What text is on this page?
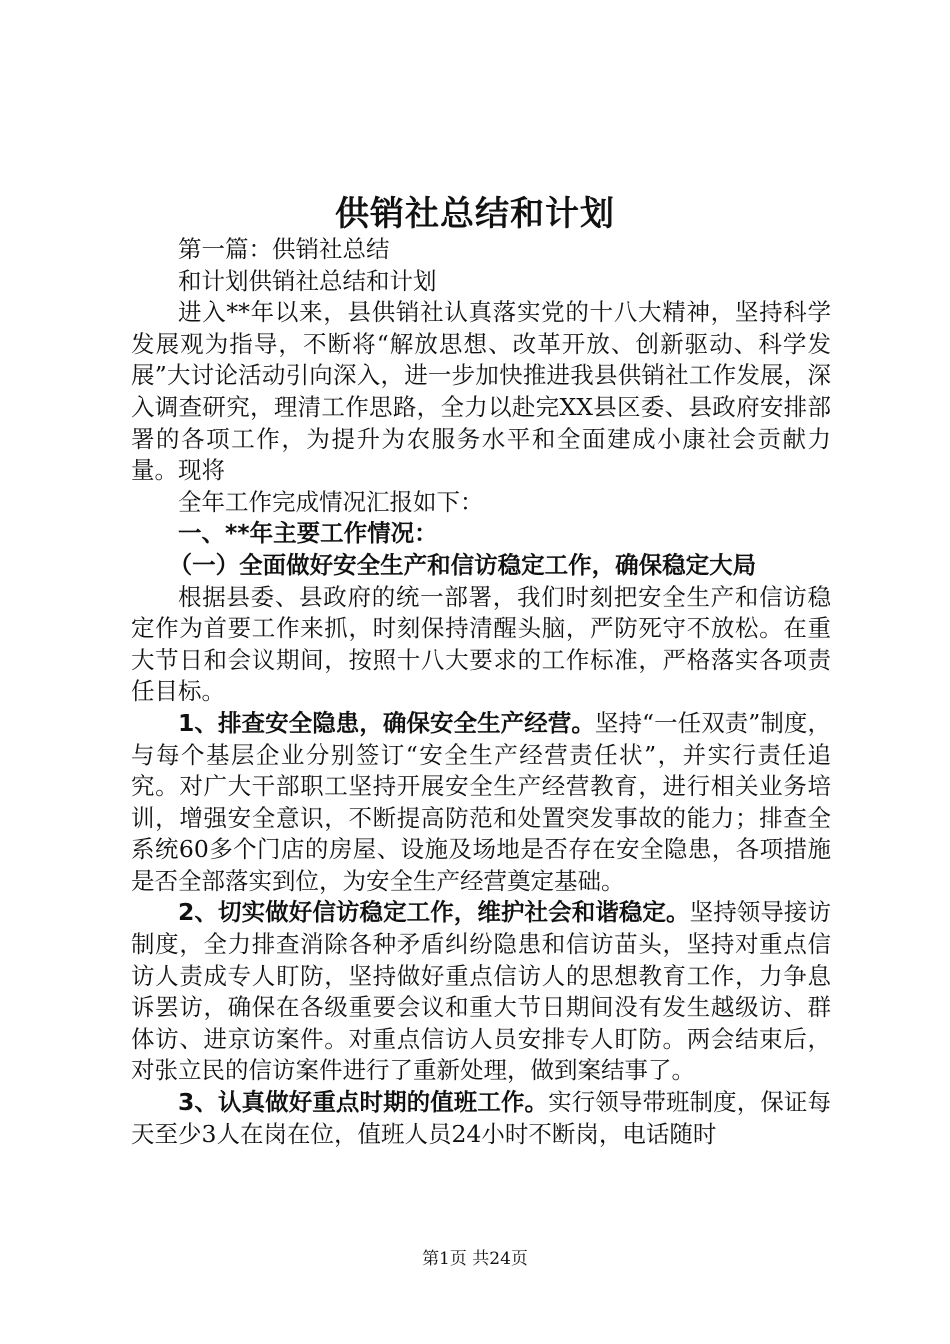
供销社总结和计划

第一篇：供销社总结

和计划供销社总结和计划

进入**年以来，县供销社认真落实党的十八大精神，坚持科学发展观为指导，不断将“解放思想、改革开放、创新驱动、科学发展”大讨论活动引向深入，进一步加快推进我县供销社工作发展，深入调查研究，理清工作思路，全力以赴完XX县区委、县政府安排部署的各项工作，为提升为农服务水平和全面建成小康社会贡献力量。现将

全年工作完成情况汇报如下：

一、**年主要工作情况：

（一）全面做好安全生产和信访稳定工作，确保稳定大局

根据县委、县政府的统一部署，我们时刻把安全生产和信访稳定作为首要工作来抓，时刻保持清醒头脑，严防死守不放松。在重大节日和会议期间，按照十八大要求的工作标准，严格落实各项责任目标。

1、排查安全隐患，确保安全生产经营。坚持“一任双责”制度，与每个基层企业分别签订“安全生产经营责任状”，并实行责任追究。对广大干部职工坚持开展安全生产经营教育，进行相关业务培训，增强安全意识，不断提高防范和处置突发事故的能力；排查全系统60多个门店的房屋、设施及场地是否存在安全隐患，各项措施是否全部落实到位，为安全生产经营奠定基础。

2、切实做好信访稳定工作，维护社会和谐稳定。坚持领导接访制度，全力排查消除各种矛盾纠纷隐患和信访苗头，坚持对重点信访人责成专人盯防，坚持做好重点信访人的思想教育工作，力争息诉罢访，确保在各级重要会议和重大节日期间没有发生越级访、群体访、进京访案件。对重点信访人员安排专人盯防。两会结束后，对张立民的信访案件进行了重新处理，做到案结事了。

3、认真做好重点时期的值班工作。实行领导带班制度，保证每天至少3人在岗在位，值班人员24小时不断岗，电话随时

第1页 共24页
